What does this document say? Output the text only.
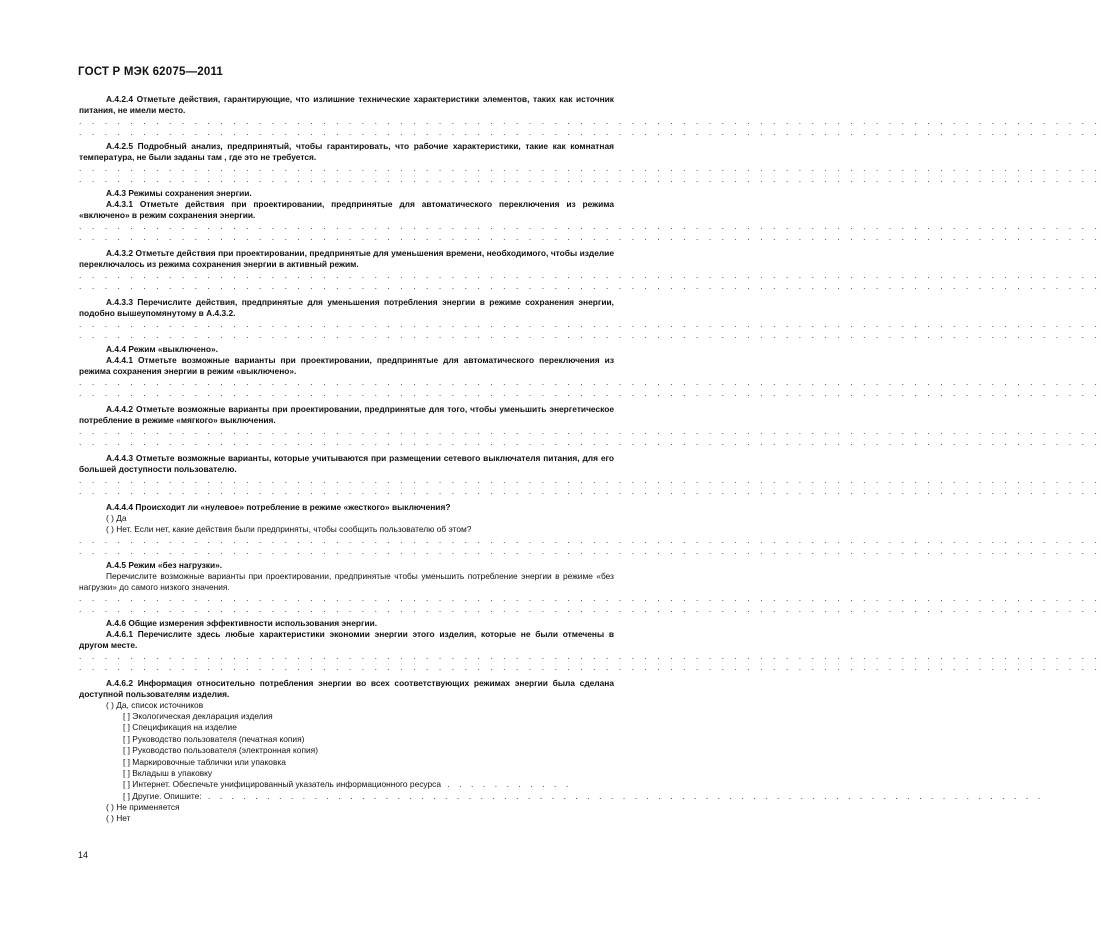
ГОСТ Р МЭК 62075—2011

А.4.2.4 Отметьте действия, гарантирующие, что излишние технические характеристики элементов, таких как источник питания, не имели место.

. . . . . . . . . . . . . . . . . . . . . . . . . . . . . . . . . . . . . . . . . . . . . . . . . . . . . . . . . . . . . . . . . . . . . . . . . . . . . . . .
. . . . . . . . . . . . . . . . . . . . . . . . . . . . . . . . . . . . . . . . . . . . . . . . . . . . . . . . . . . . . . . . . . . . . . . . . . . . . . . .

А.4.2.5 Подробный анализ, предпринятый, чтобы гарантировать, что рабочие характеристики, такие как комнатная температура, не были заданы там , где это не требуется.

. . . . . . . . . . . . . . . . . . . . . . . . . . . . . . . . . . . . . . . . . . . . . . . . . . . . . . . . . . . . . . . . . . . . . . . . . . . . . . . .
. . . . . . . . . . . . . . . . . . . . . . . . . . . . . . . . . . . . . . . . . . . . . . . . . . . . . . . . . . . . . . . . . . . . . . . . . . . . . . . .

А.4.3 Режимы сохранения энергии.

А.4.3.1 Отметьте действия при проектировании, предпринятые для автоматического переключения из режима «включено» в режим сохранения энергии.

. . . . . . . . . . . . . . . . . . . . . . . . . . . . . . . . . . . . . . . . . . . . . . . . . . . . . . . . . . . . . . . . . . . . . . . . . . . . . . . .
. . . . . . . . . . . . . . . . . . . . . . . . . . . . . . . . . . . . . . . . . . . . . . . . . . . . . . . . . . . . . . . . . . . . . . . . . . . . . . . .

А.4.3.2 Отметьте действия при проектировании, предпринятые для уменьшения времени, необходимого, чтобы изделие переключалось из режима сохранения энергии в активный режим.

. . . . . . . . . . . . . . . . . . . . . . . . . . . . . . . . . . . . . . . . . . . . . . . . . . . . . . . . . . . . . . . . . . . . . . . . . . . . . . . .
. . . . . . . . . . . . . . . . . . . . . . . . . . . . . . . . . . . . . . . . . . . . . . . . . . . . . . . . . . . . . . . . . . . . . . . . . . . . . . . .

А.4.3.3 Перечислите действия, предпринятые для уменьшения потребления энергии в режиме сохранения энергии, подобно вышеупомянутому в А.4.3.2.

. . . . . . . . . . . . . . . . . . . . . . . . . . . . . . . . . . . . . . . . . . . . . . . . . . . . . . . . . . . . . . . . . . . . . . . . . . . . . . . .
. . . . . . . . . . . . . . . . . . . . . . . . . . . . . . . . . . . . . . . . . . . . . . . . . . . . . . . . . . . . . . . . . . . . . . . . . . . . . . . .

А.4.4 Режим «выключено».

А.4.4.1 Отметьте возможные варианты при проектировании, предпринятые для автоматического переключения из режима сохранения энергии в режим «выключено».

. . . . . . . . . . . . . . . . . . . . . . . . . . . . . . . . . . . . . . . . . . . . . . . . . . . . . . . . . . . . . . . . . . . . . . . . . . . . . . . .
. . . . . . . . . . . . . . . . . . . . . . . . . . . . . . . . . . . . . . . . . . . . . . . . . . . . . . . . . . . . . . . . . . . . . . . . . . . . . . . .

А.4.4.2 Отметьте возможные варианты при проектировании, предпринятые для того, чтобы уменьшить энергетическое потребление в режиме «мягкого» выключения.

. . . . . . . . . . . . . . . . . . . . . . . . . . . . . . . . . . . . . . . . . . . . . . . . . . . . . . . . . . . . . . . . . . . . . . . . . . . . . . . .
. . . . . . . . . . . . . . . . . . . . . . . . . . . . . . . . . . . . . . . . . . . . . . . . . . . . . . . . . . . . . . . . . . . . . . . . . . . . . . . .

А.4.4.3 Отметьте возможные варианты, которые учитываются при размещении сетевого выключателя питания, для его большей доступности пользователю.

. . . . . . . . . . . . . . . . . . . . . . . . . . . . . . . . . . . . . . . . . . . . . . . . . . . . . . . . . . . . . . . . . . . . . . . . . . . . . . . .
. . . . . . . . . . . . . . . . . . . . . . . . . . . . . . . . . . . . . . . . . . . . . . . . . . . . . . . . . . . . . . . . . . . . . . . . . . . . . . . .

А.4.4.4 Происходит ли «нулевое» потребление в режиме «жесткого» выключения?

( ) Да
( ) Нет. Если нет, какие действия были предприняты, чтобы сообщить пользователю об этом?
. . . . . . . . . . . . . . . . . . . . . . . . . . . . . . . . . . . . . . . . . . . . . . . . . . . . . . . . . . . . . . . . . . . . . . . . . . . . . . . .
. . . . . . . . . . . . . . . . . . . . . . . . . . . . . . . . . . . . . . . . . . . . . . . . . . . . . . . . . . . . . . . . . . . . . . . . . . . . . . . .

А.4.5 Режим «без нагрузки».

Перечислите возможные варианты при проектировании, предпринятые чтобы уменьшить потребление энергии в режиме «без нагрузки» до самого низкого значения.

. . . . . . . . . . . . . . . . . . . . . . . . . . . . . . . . . . . . . . . . . . . . . . . . . . . . . . . . . . . . . . . . . . . . . . . . . . . . . . . .
. . . . . . . . . . . . . . . . . . . . . . . . . . . . . . . . . . . . . . . . . . . . . . . . . . . . . . . . . . . . . . . . . . . . . . . . . . . . . . . .

А.4.6 Общие измерения эффективности использования энергии.

А.4.6.1 Перечислите здесь любые характеристики экономии энергии этого изделия, которые не были отмечены в другом месте.

. . . . . . . . . . . . . . . . . . . . . . . . . . . . . . . . . . . . . . . . . . . . . . . . . . . . . . . . . . . . . . . . . . . . . . . . . . . . . . . .
. . . . . . . . . . . . . . . . . . . . . . . . . . . . . . . . . . . . . . . . . . . . . . . . . . . . . . . . . . . . . . . . . . . . . . . . . . . . . . . .

А.4.6.2 Информация относительно потребления энергии во всех соответствующих режимах энергии была сделана доступной пользователям изделия.

( ) Да, список источников
[ ] Экологическая декларация изделия
[ ] Спецификация на изделие
[ ] Руководство пользователя (печатная копия)
[ ] Руководство пользователя (электронная копия)
[ ] Маркировочные таблички или упаковка
[ ] Вкладыш в упаковку
[ ] Интернет. Обеспечьте унифицированный указатель информационного ресурса . . . . . . . . . . .
[ ] Другие. Опишите: . . . . . . . . . . . . . . . . . . . . . . . . . . . . . . . . . . . . . . . . . . . . . . . . . . . . . . . . . . . . . . . . . . . . . . .
( ) Не применяется
( ) Нет
14
